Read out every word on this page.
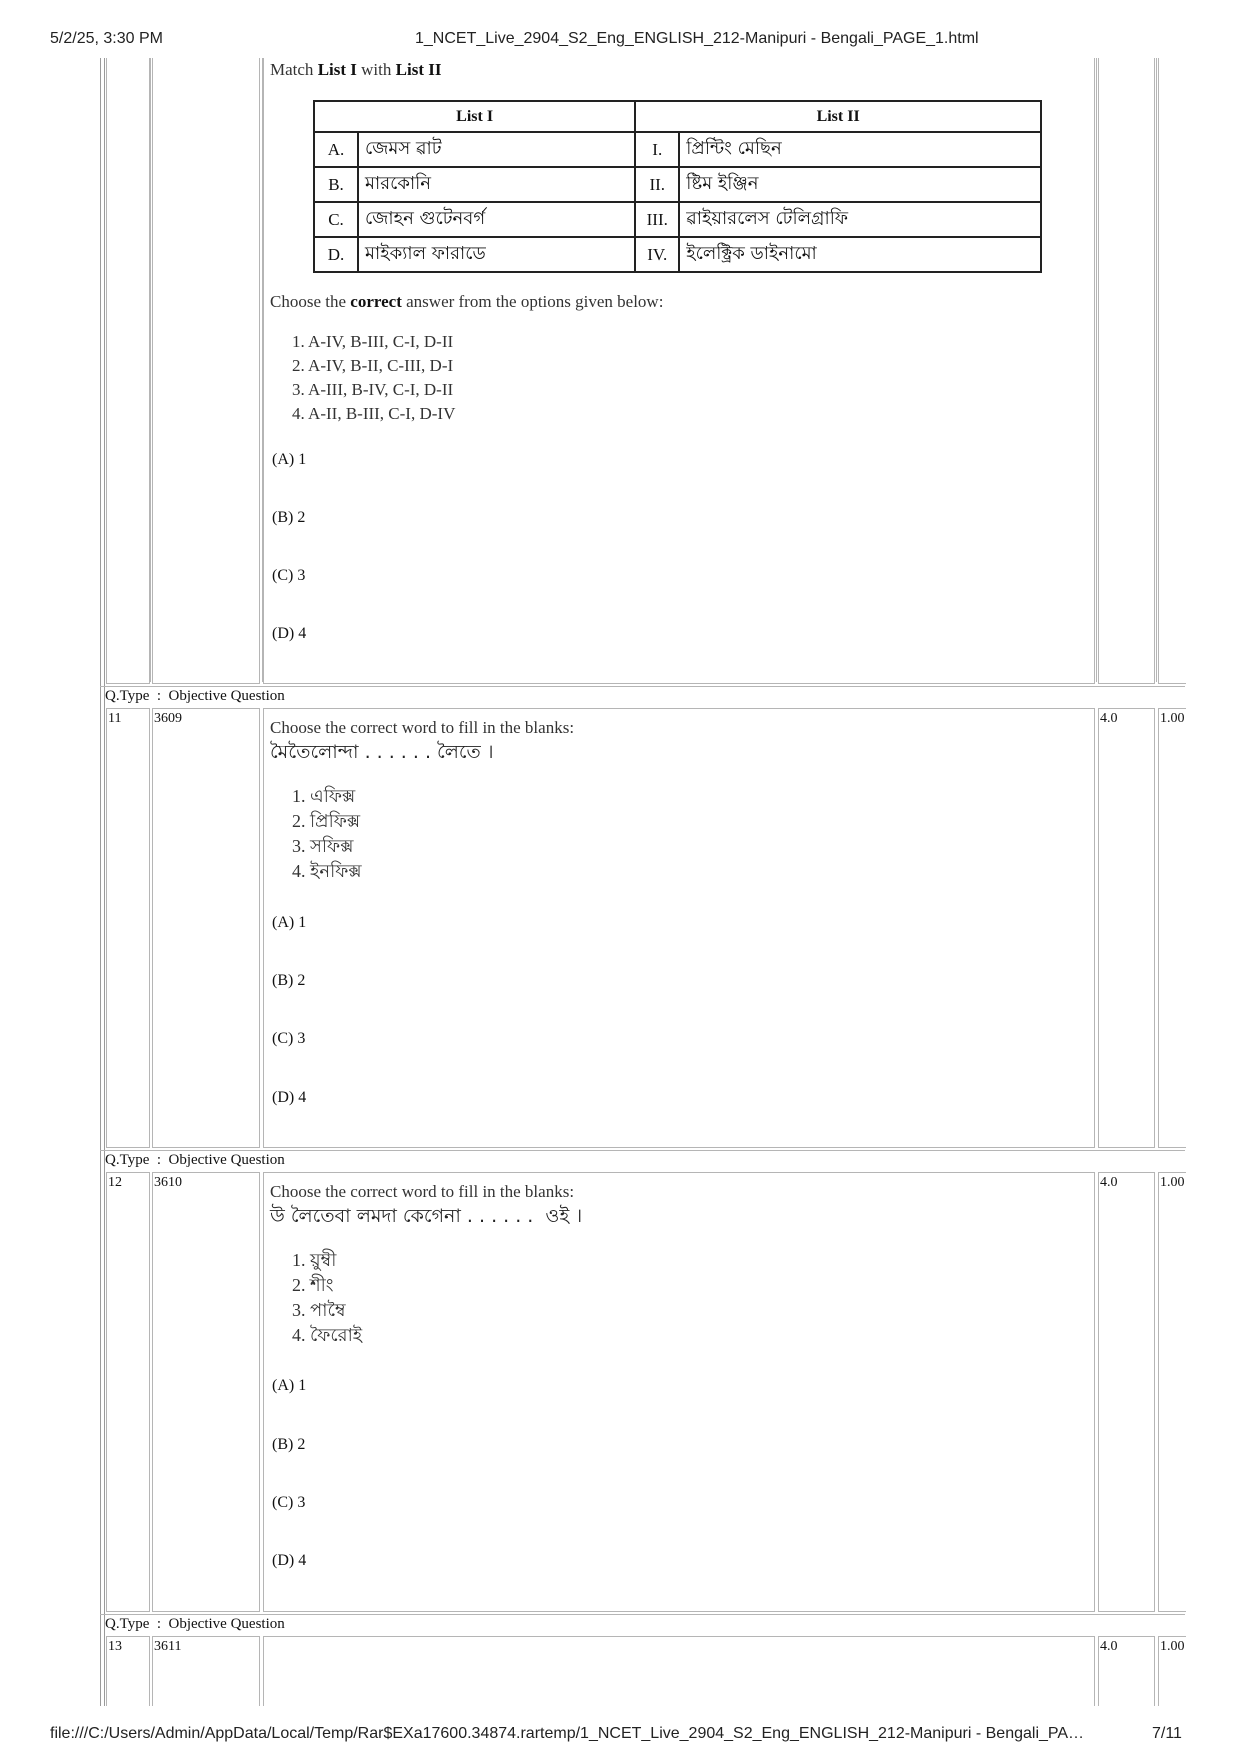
5/2/25, 3:30 PM	1_NCET_Live_2904_S2_Eng_ENGLISH_212-Manipuri - Bengali_PAGE_1.html
Match List I with List II
List I		List II	
A.	জেমস ৱাট	I.	প্রিন্টিং মেছিন
B.	মারকোনি	II.	ষ্টিম ইঞ্জিন
C.	জোহন গুটেনবর্গ	III.	ৱাইয়ারলেস টেলিগ্রাফি
D.	মাইক্যাল ফারাডে	IV.	ইলেক্ট্রিক ডাইনামো
Choose the correct answer from the options given below:
1. A-IV, B-III, C-I, D-II
2. A-IV, B-II, C-III, D-I
3. A-III, B-IV, C-I, D-II
4. A-II, B-III, C-I, D-IV
(A) 1
(B) 2
(C) 3
(D) 4
Q.Type  :  Objective Question
11 3609	4.0	1.00
Choose the correct word to fill in the blanks:
মৈতৈলোন্দা . . . . . . লৈতে ।
1. এফিক্স
2. প্রিফিক্স
3. সফিক্স
4. ইনফিক্স
(A) 1
(B) 2
(C) 3
(D) 4
Q.Type  :  Objective Question
12 3610	4.0	1.00
Choose the correct word to fill in the blanks:
উ লৈতেবা লমদা কেগেনা . . . . . .  ওই ।
1. য়ুম্বী
2. শীং
3. পাম্বৈ
4. ফৈরোই
(A) 1
(B) 2
(C) 3
(D) 4
Q.Type  :  Objective Question
13 3611	4.0	1.00
file:///C:/Users/Admin/AppData/Local/Temp/Rar$EXa17600.34874.rartemp/1_NCET_Live_2904_S2_Eng_ENGLISH_212-Manipuri - Bengali_PA…	7/11
